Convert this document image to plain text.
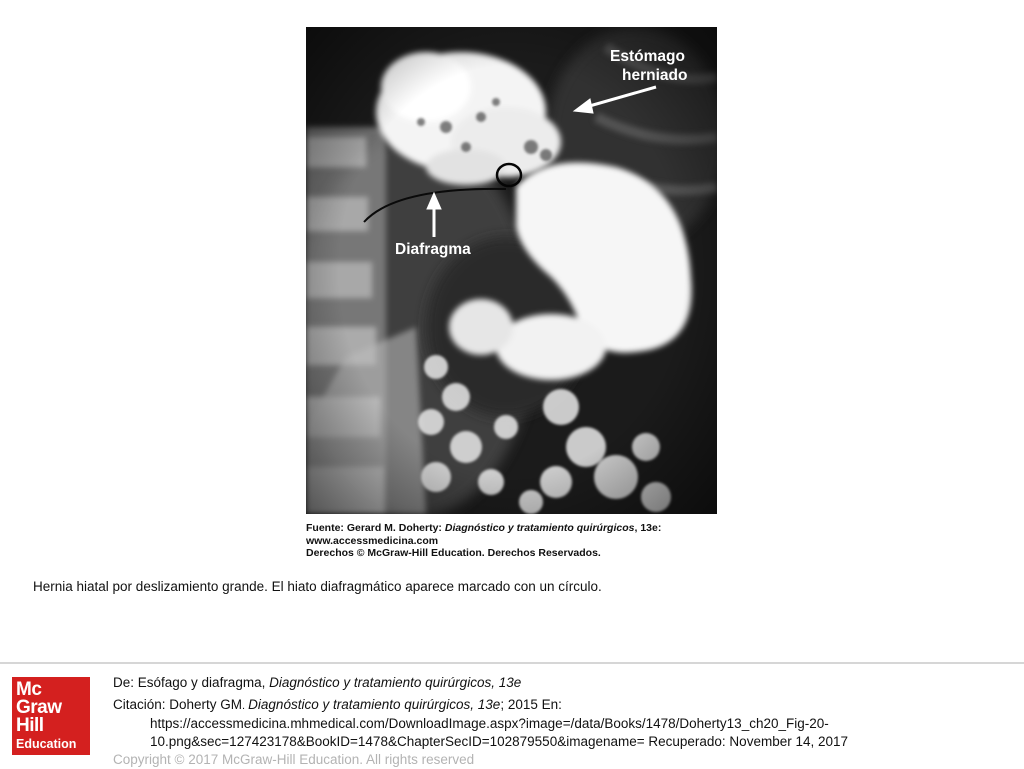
Estómago
herniado
Diafragma
Fuente: Gerard M. Doherty: Diagnóstico y tratamiento quirúrgicos, 13e:
www.accessmedicina.com
Derechos © McGraw-Hill Education. Derechos Reservados.
Hernia hiatal por deslizamiento grande. El hiato diafragmático aparece marcado con un círculo.
Mc
Graw
Hill
Education
De: Esófago y diafragma, Diagnóstico y tratamiento quirúrgicos, 13e
Citación: Doherty GM. Diagnóstico y tratamiento quirúrgicos, 13e; 2015 En:
https://accessmedicina.mhmedical.com/DownloadImage.aspx?image=/data/Books/1478/Doherty13_ch20_Fig-20-
10.png&sec=127423178&BookID=1478&ChapterSecID=102879550&imagename= Recuperado: November 14, 2017
Copyright © 2017 McGraw-Hill Education. All rights reserved
